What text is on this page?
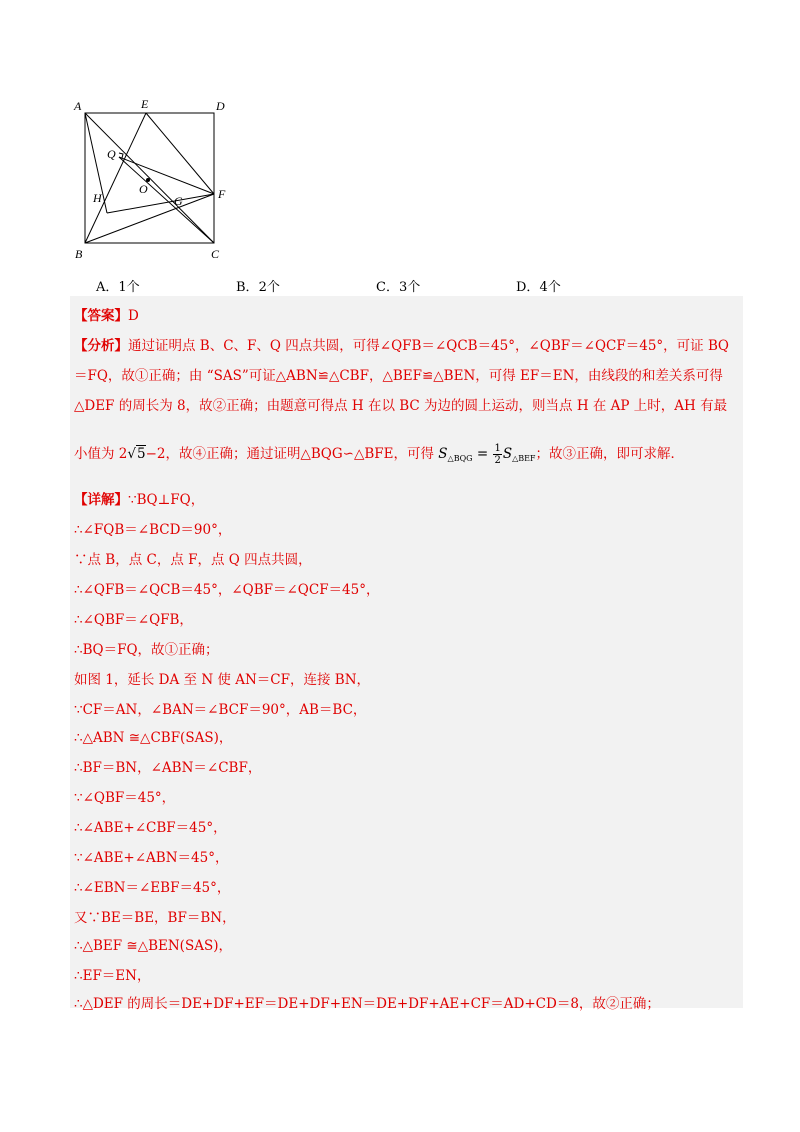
A	E	D
Q
O
H	G	F
B	C
A．1个	B．2个	C．3个	D．4个
【答案】D
【分析】通过证明点 B、C、F、Q 四点共圆，可得∠QFB＝∠QCB＝45°，∠QBF＝∠QCF＝45°，可证 BQ
＝FQ，故①正确；由 “SAS”可证△ABN≌△CBF，△BEF≌△BEN，可得 EF＝EN，由线段的和差关系可得
△DEF 的周长为 8，故②正确；由题意可得点 H 在以 BC 为边的圆上运动，则当点 H 在 AP 上时，AH 有最
小值为 2√5−2，故④正确；通过证明△BQG∽△BFE，可得 $S_{\triangle BQG} = \frac{1}{2} S_{\triangle BEF}$；故③正确，即可求解．
【详解】∵BQ⊥FQ，
∴∠FQB＝∠BCD＝90°，
∵点 B，点 C，点 F，点 Q 四点共圆，
∴∠QFB＝∠QCB＝45°，∠QBF＝∠QCF＝45°，
∴∠QBF＝∠QFB，
∴BQ＝FQ，故①正确；
如图 1，延长 DA 至 N 使 AN＝CF，连接 BN，
∵CF＝AN，∠BAN＝∠BCF＝90°，AB＝BC，
∴△ABN ≅△CBF(SAS)，
∴BF＝BN，∠ABN＝∠CBF，
∵∠QBF＝45°，
∴∠ABE+∠CBF＝45°，
∵∠ABE+∠ABN＝45°，
∴∠EBN＝∠EBF＝45°，
又∵BE＝BE，BF＝BN，
∴△BEF ≅△BEN(SAS)，
∴EF＝EN，
∴△DEF 的周长＝DE+DF+EF＝DE+DF+EN＝DE+DF+AE+CF＝AD+CD＝8，故②正确；
